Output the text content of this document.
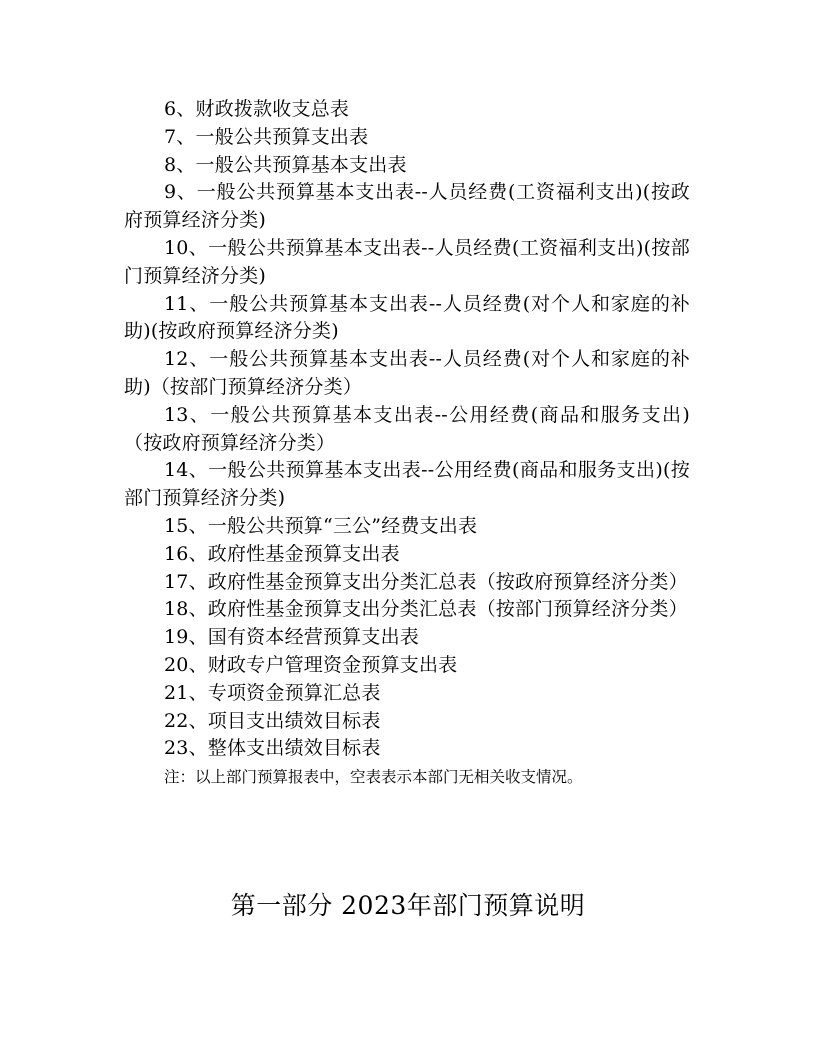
6、财政拨款收支总表
7、一般公共预算支出表
8、一般公共预算基本支出表
9、一般公共预算基本支出表--人员经费(工资福利支出)(按政府预算经济分类)
10、一般公共预算基本支出表--人员经费(工资福利支出)(按部门预算经济分类)
11、一般公共预算基本支出表--人员经费(对个人和家庭的补助)(按政府预算经济分类)
12、一般公共预算基本支出表--人员经费(对个人和家庭的补助)（按部门预算经济分类）
13、一般公共预算基本支出表--公用经费(商品和服务支出)（按政府预算经济分类）
14、一般公共预算基本支出表--公用经费(商品和服务支出)(按部门预算经济分类)
15、一般公共预算“三公”经费支出表
16、政府性基金预算支出表
17、政府性基金预算支出分类汇总表（按政府预算经济分类）
18、政府性基金预算支出分类汇总表（按部门预算经济分类）
19、国有资本经营预算支出表
20、财政专户管理资金预算支出表
21、专项资金预算汇总表
22、项目支出绩效目标表
23、整体支出绩效目标表
注：以上部门预算报表中，空表表示本部门无相关收支情况。
第一部分 2023年部门预算说明
